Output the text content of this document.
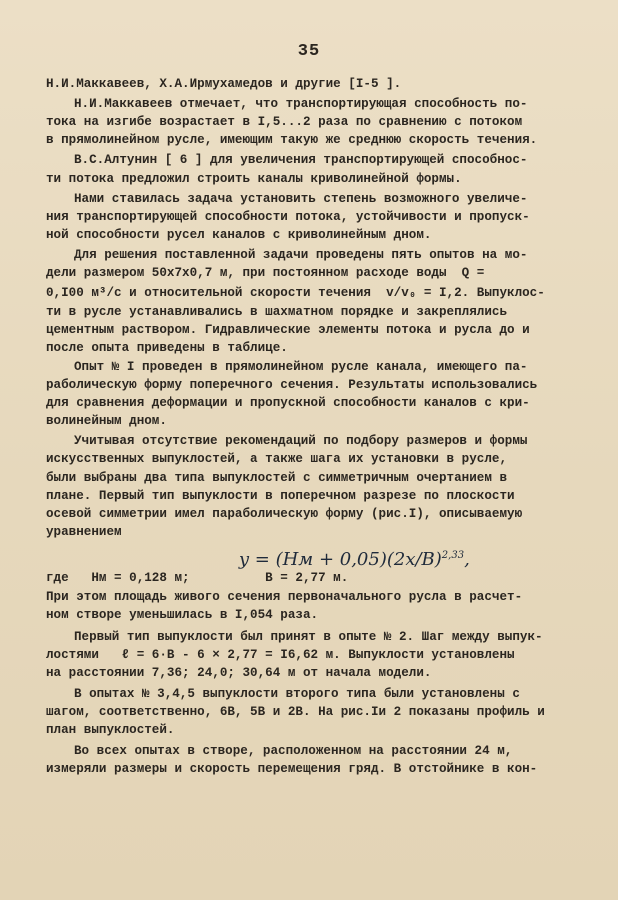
35
Н.И.Маккавеев, Х.А.Ирмухамедов и другие [I-5 ].
Н.И.Маккавеев отмечает, что транспортирующая способность по-
тока на изгибе возрастает в I,5...2 раза по сравнению с потоком
в прямолинейном русле, имеющим такую же среднюю скорость течения.
В.С.Алтунин [ 6 ] для увеличения транспортирующей способнос-
ти потока предложил строить каналы криволинейной формы.
Нами ставилась задача установить степень возможного увеличе-
ния транспортирующей способности потока, устойчивости и пропуск-
ной способности русел каналов с криволинейным дном.
Для решения поставленной задачи проведены пять опытов на мо-
дели размером 50х7х0,7 м, при постоянном расходе воды  Q =
0,I00 м³/с и относительной скорости течения  v/v₀ = I,2. Выпуклос-
ти в русле устанавливались в шахматном порядке и закреплялись
цементным раствором. Гидравлические элементы потока и русла до и
после опыта приведены в таблице.
Опыт № I проведен в прямолинейном русле канала, имеющего па-
раболическую форму поперечного сечения. Результаты использовались
для сравнения деформации и пропускной способности каналов с кри-
волинейным дном.
Учитывая отсутствие рекомендаций по подбору размеров и формы
искусственных выпуклостей, а также шага их установки в русле,
были выбраны два типа выпуклостей с симметричным очертанием в
плане. Первый тип выпуклости в поперечном разрезе по плоскости
осевой симметрии имел параболическую форму (рис.I), описываемую
уравнением

$y = (Hм + 0,05)(2x/B)^{2,33}$,

где   Hм = 0,128 м;          B = 2,77 м.
При этом площадь живого сечения первоначального русла в расчет-
ном створе уменьшилась в I,054 раза.
Первый тип выпуклости был принят в опыте № 2. Шаг между выпук-
лостями   ℓ = 6·B - 6 × 2,77 = I6,62 м. Выпуклости установлены
на расстоянии 7,36; 24,0; 30,64 м от начала модели.
В опытах № 3,4,5 выпуклости второго типа были установлены с
шагом, соответственно, 6В, 5В и 2В. На рис.Iи 2 показаны профиль и
план выпуклостей.
Во всех опытах в створе, расположенном на расстоянии 24 м,
измеряли размеры и скорость перемещения гряд. В отстойнике в кон-
